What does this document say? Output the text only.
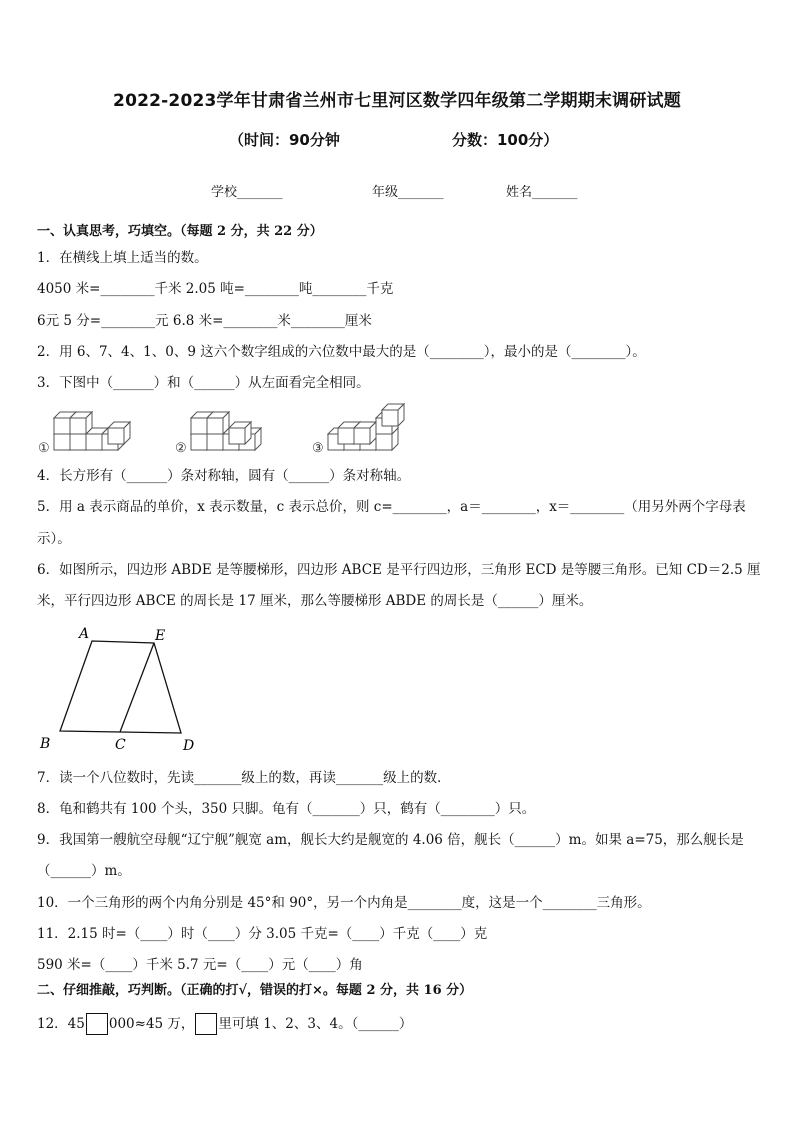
2022-2023学年甘肃省兰州市七里河区数学四年级第二学期期末调研试题
（时间：90分钟	分数：100分）
学校_______	年级_______	姓名_______
一、认真思考，巧填空。（每题 2 分，共 22 分）
1．在横线上填上适当的数。
4050 米=________千米 2.05 吨=________吨________千克
6元 5 分=________元 6.8 米=________米________厘米
2．用 6、7、4、1、0、9 这六个数字组成的六位数中最大的是（________），最小的是（________）。
3．下图中（______）和（______）从左面看完全相同。
①	②	③
4．长方形有（______）条对称轴，圆有（______）条对称轴。
5．用 a 表示商品的单价，x 表示数量，c 表示总价，则 c=________，a＝________，x＝________（用另外两个字母表
示）。
6．如图所示，四边形 ABDE 是等腰梯形，四边形 ABCE 是平行四边形，三角形 ECD 是等腰三角形。已知 CD＝2.5 厘
米，平行四边形 ABCE 的周长是 17 厘米，那么等腰梯形 ABDE 的周长是（______）厘米。
A	E
B	C	D
7．读一个八位数时，先读_______级上的数，再读_______级上的数．
8．龟和鹤共有 100 个头，350 只脚。龟有（_______）只，鹤有（________）只。
9．我国第一艘航空母舰“辽宁舰”舰宽 am，舰长大约是舰宽的 4.06 倍，舰长（______）m。如果 a=75，那么舰长是
（______）m。
10．一个三角形的两个内角分别是 45°和 90°，另一个内角是________度，这是一个________三角形。
11．2.15 时=（____）时（____）分 3.05 千克=（____）千克（____）克
590 米=（____）千米 5.7 元=（____）元（____）角
二、仔细推敲，巧判断。（正确的打√，错误的打×。每题 2 分，共 16 分）
12．45 000≈45 万， 里可填 1、2、3、4。（______）
